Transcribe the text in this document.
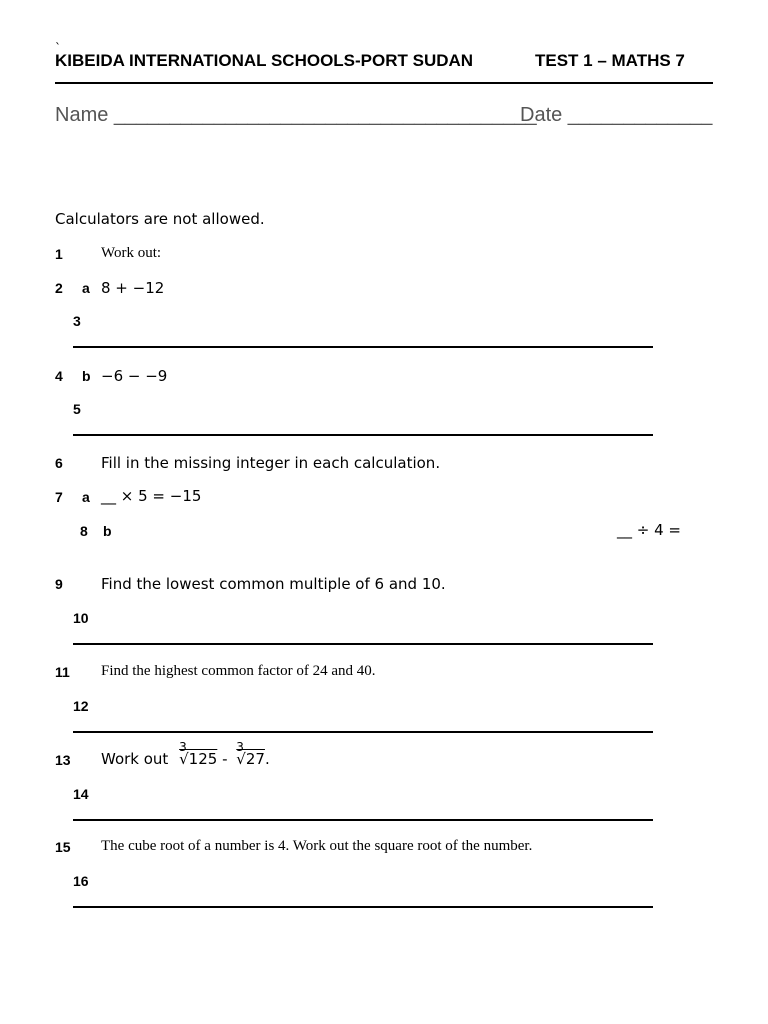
`
KIBEIDA INTERNATIONAL SCHOOLS-PORT SUDAN	TEST 1 – MATHS 7
Name ______________________________________
Date _____________
Calculators are not allowed.
1	Work out:
2 a 8 + −12
3
4 b −6 − −9
5
6	Fill in the missing integer in each calculation.
7 a __ × 5 = −15
8 b	__ ÷ 4 =
9	Find the lowest common multiple of 6 and 10.
10
11 Find the highest common factor of 24 and 40.
12
13 Work out
3
√125 -
3
√27.
14
15 The cube root of a number is 4. Work out the square root of the number.
16
